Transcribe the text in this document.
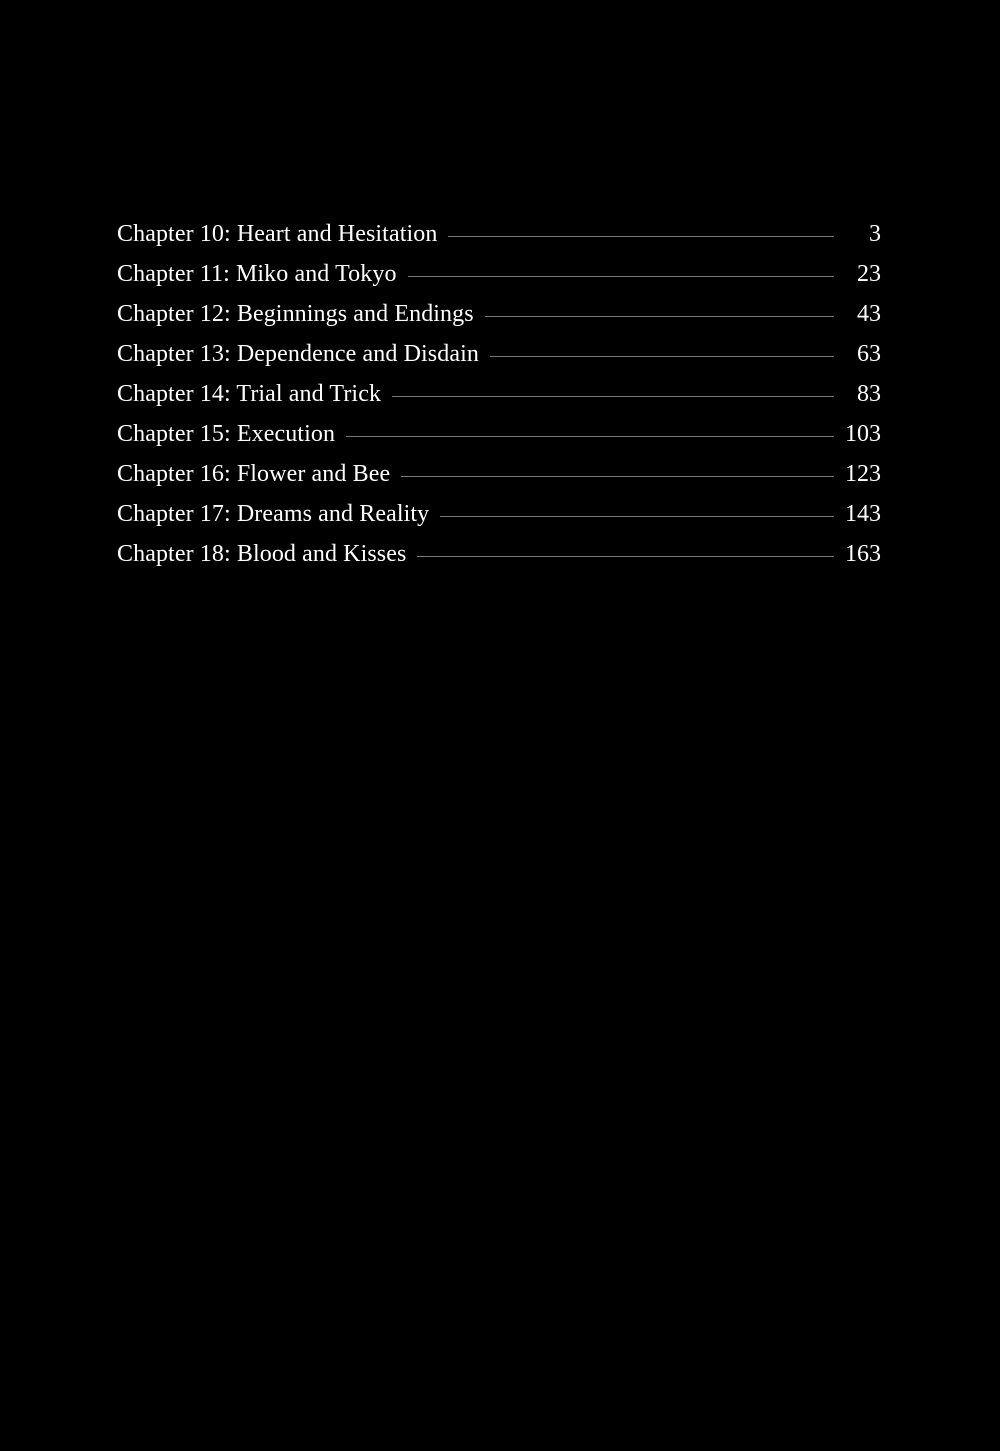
Chapter 10: Heart and Hesitation	3
Chapter 11: Miko and Tokyo	23
Chapter 12: Beginnings and Endings	43
Chapter 13: Dependence and Disdain	63
Chapter 14: Trial and Trick	83
Chapter 15: Execution	103
Chapter 16: Flower and Bee	123
Chapter 17: Dreams and Reality	143
Chapter 18: Blood and Kisses	163
